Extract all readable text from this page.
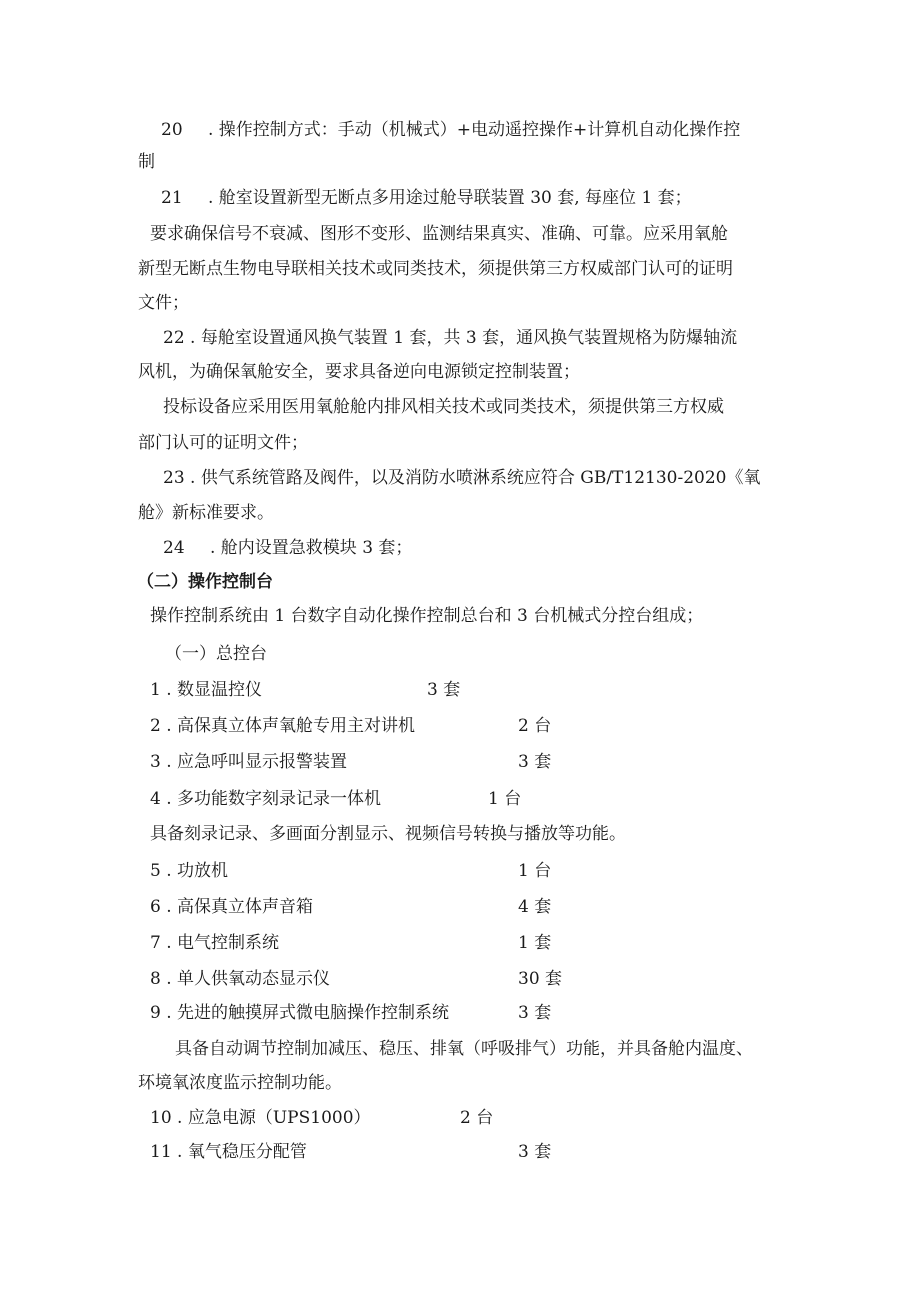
20 . 操作控制方式：手动（机械式）+电动遥控操作+计算机自动化操作控
制
21 . 舱室设置新型无断点多用途过舱导联装置 30 套, 每座位 1 套；
要求确保信号不衰减、图形不变形、监测结果真实、准确、可靠。应采用氧舱
新型无断点生物电导联相关技术或同类技术，须提供第三方权威部门认可的证明
文件；
22 . 每舱室设置通风换气装置 1 套，共 3 套，通风换气装置规格为防爆轴流
风机，为确保氧舱安全，要求具备逆向电源锁定控制装置；
投标设备应采用医用氧舱舱内排风相关技术或同类技术，须提供第三方权威
部门认可的证明文件；
23 . 供气系统管路及阀件，以及消防水喷淋系统应符合 GB/T12130-2020《氧
舱》新标准要求。
24 . 舱内设置急救模块 3 套；
（二）操作控制台
操作控制系统由 1 台数字自动化操作控制总台和 3 台机械式分控台组成；
（一）总控台
1 . 数显温控仪	3 套
2 . 高保真立体声氧舱专用主对讲机	2 台
3 . 应急呼叫显示报警装置	3 套
4 . 多功能数字刻录记录一体机	1 台
具备刻录记录、多画面分割显示、视频信号转换与播放等功能。
5 . 功放机	1 台
6 . 高保真立体声音箱	4 套
7 . 电气控制系统	1 套
8 . 单人供氧动态显示仪	30 套
9 . 先进的触摸屏式微电脑操作控制系统	3 套
具备自动调节控制加减压、稳压、排氧（呼吸排气）功能，并具备舱内温度、
环境氧浓度监示控制功能。
10 . 应急电源（UPS1000）	2 台
11 . 氧气稳压分配管	3 套
